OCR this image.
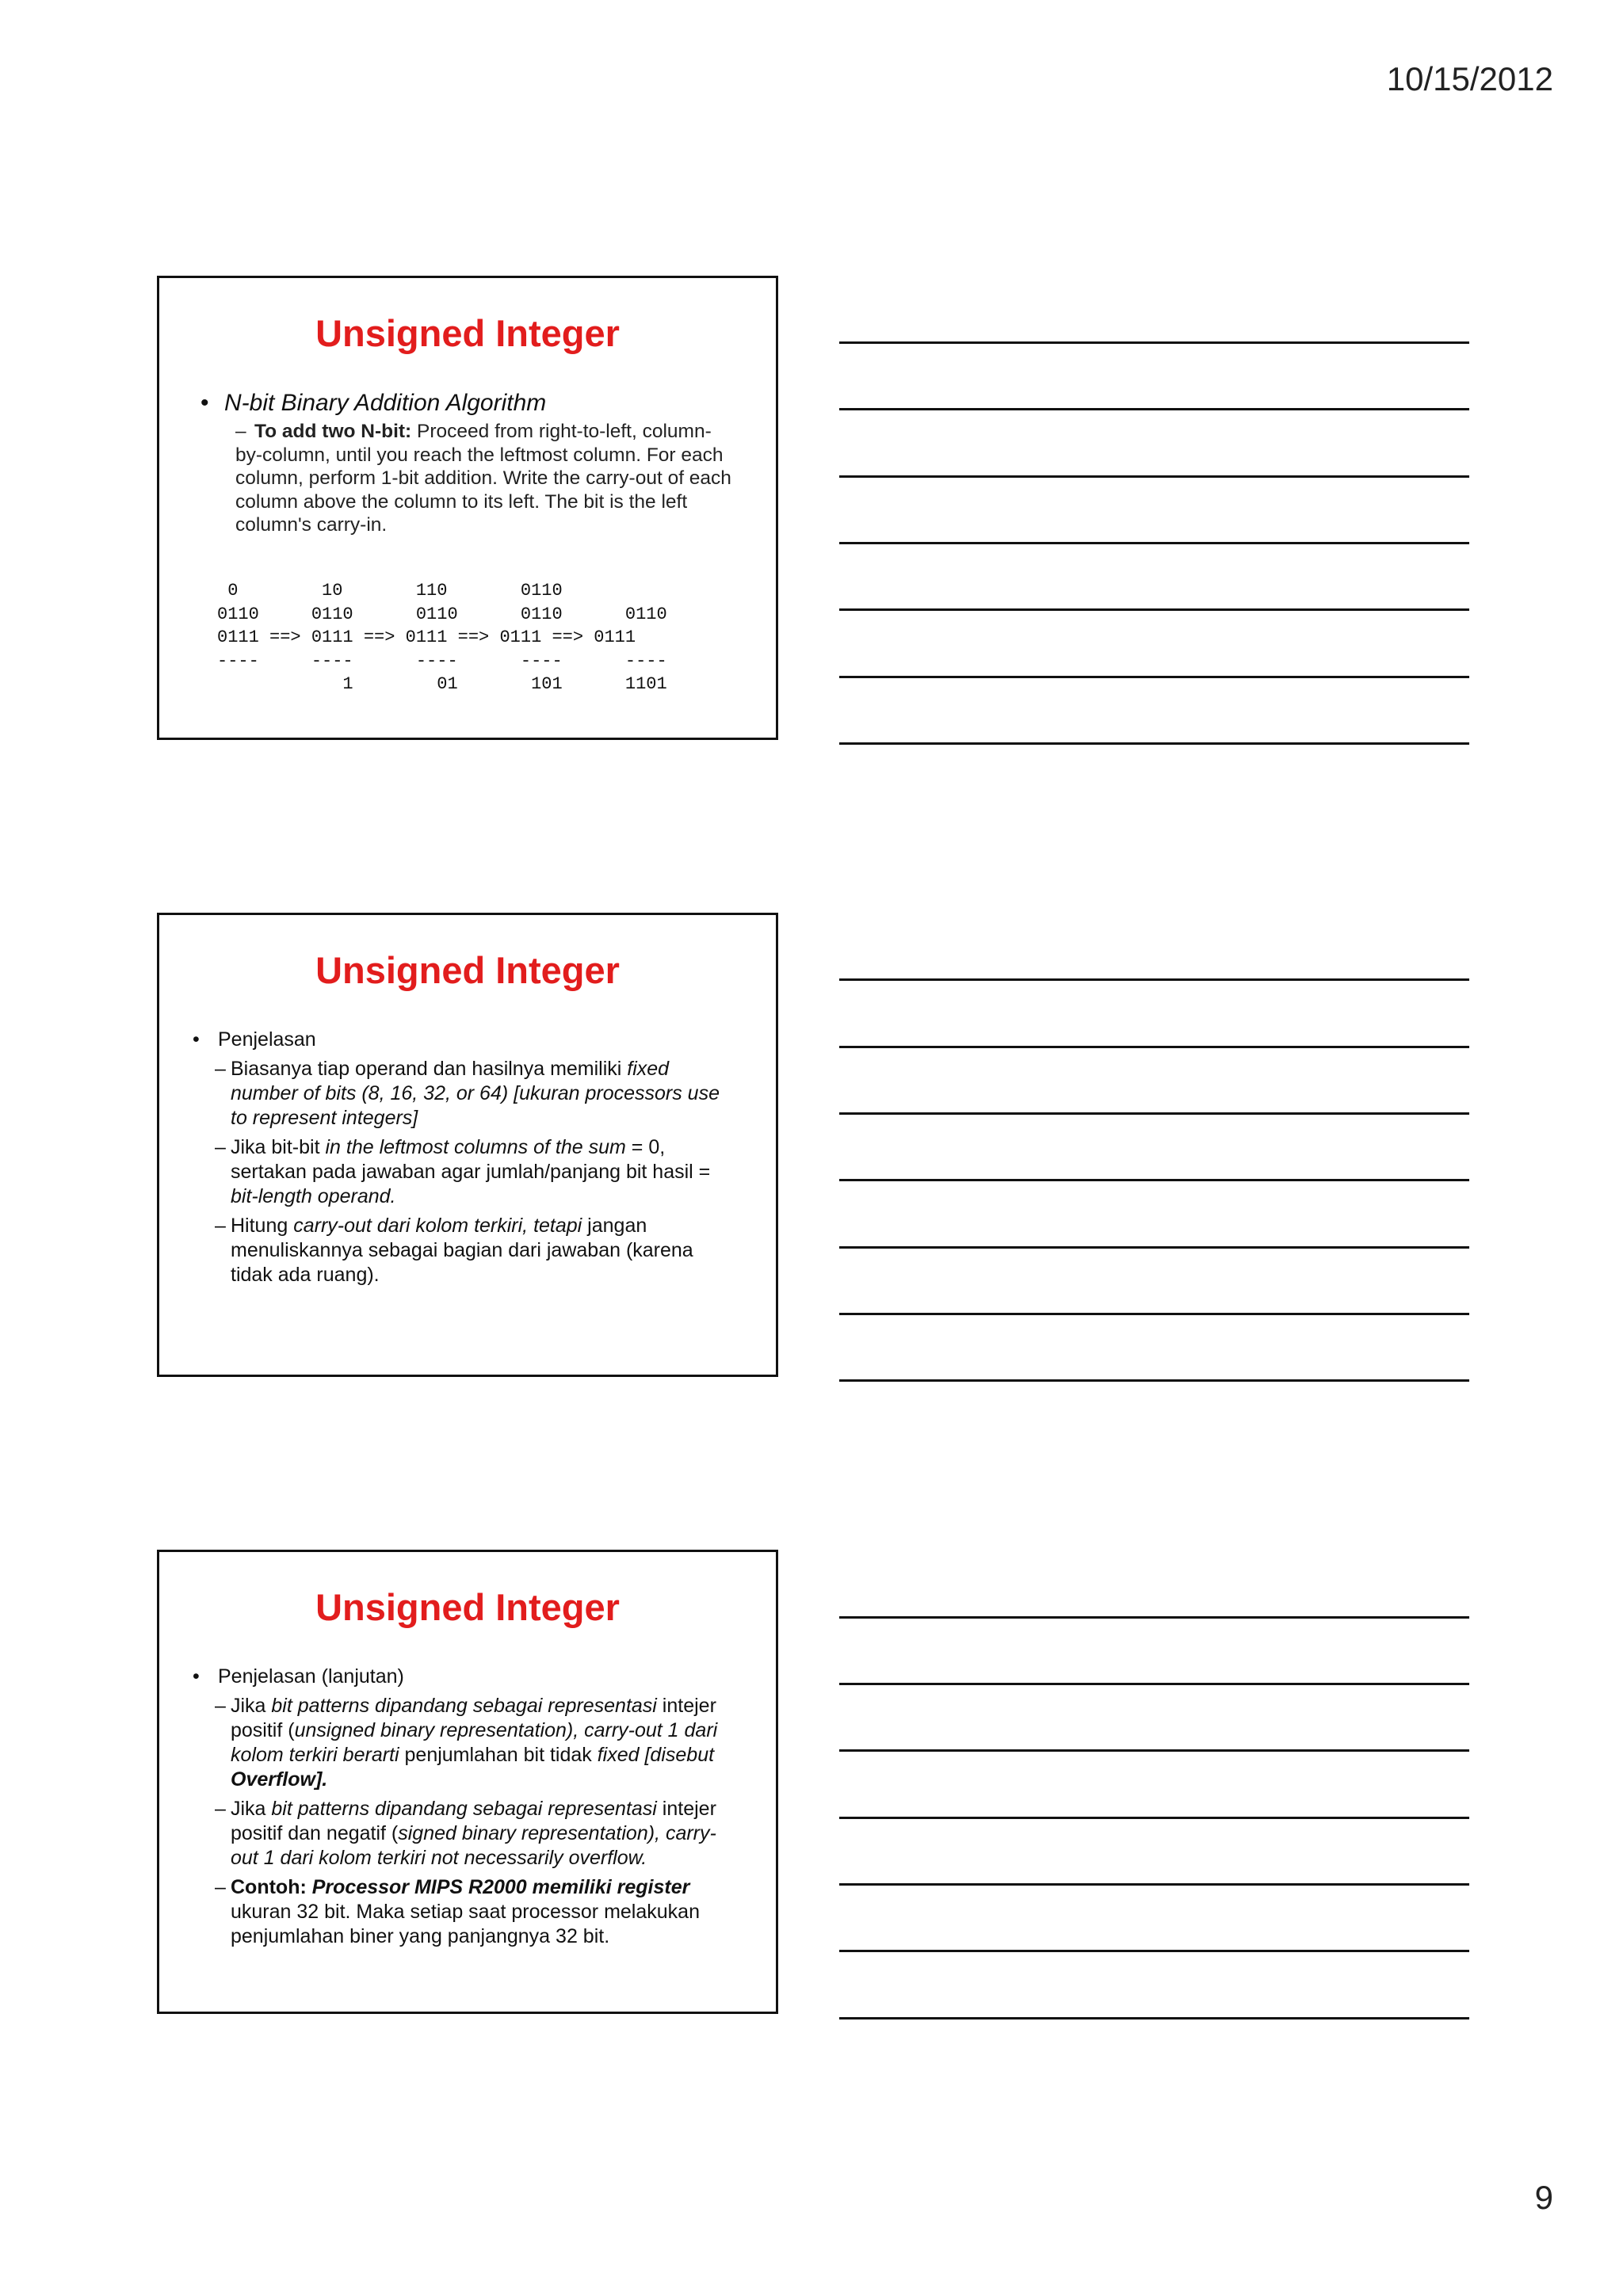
10/15/2012
Unsigned Integer
• N-bit Binary Addition Algorithm
– To add two N-bit: Proceed from right-to-left, column-by-column, until you reach the leftmost column. For each column, perform 1-bit addition. Write the carry-out of each column above the column to its left. The bit is the left column's carry-in.
0        10       110       0110
0110     0110      0110      0110      0110
0111 ==> 0111 ==> 0111 ==> 0111 ==> 0111
----     ----      ----      ----      ----
1        01       101      1101
Unsigned Integer
• Penjelasan
– Biasanya tiap operand dan hasilnya memiliki fixed number of bits (8, 16, 32, or 64) [ukuran processors use to represent integers]
– Jika bit-bit in the leftmost columns of the sum = 0, sertakan pada jawaban agar jumlah/panjang bit hasil = bit-length operand.
– Hitung carry-out dari kolom terkiri, tetapi jangan menuliskannya sebagai bagian dari jawaban (karena tidak ada ruang).
Unsigned Integer
• Penjelasan (lanjutan)
– Jika bit patterns dipandang sebagai representasi intejer positif (unsigned binary representation), carry-out 1 dari kolom terkiri berarti penjumlahan bit tidak fixed [disebut Overflow].
– Jika bit patterns dipandang sebagai representasi intejer positif dan negatif (signed binary representation), carry-out 1 dari kolom terkiri not necessarily overflow.
– Contoh: Processor MIPS R2000 memiliki register ukuran 32 bit. Maka setiap saat processor melakukan penjumlahan biner yang panjangnya 32 bit.
9
